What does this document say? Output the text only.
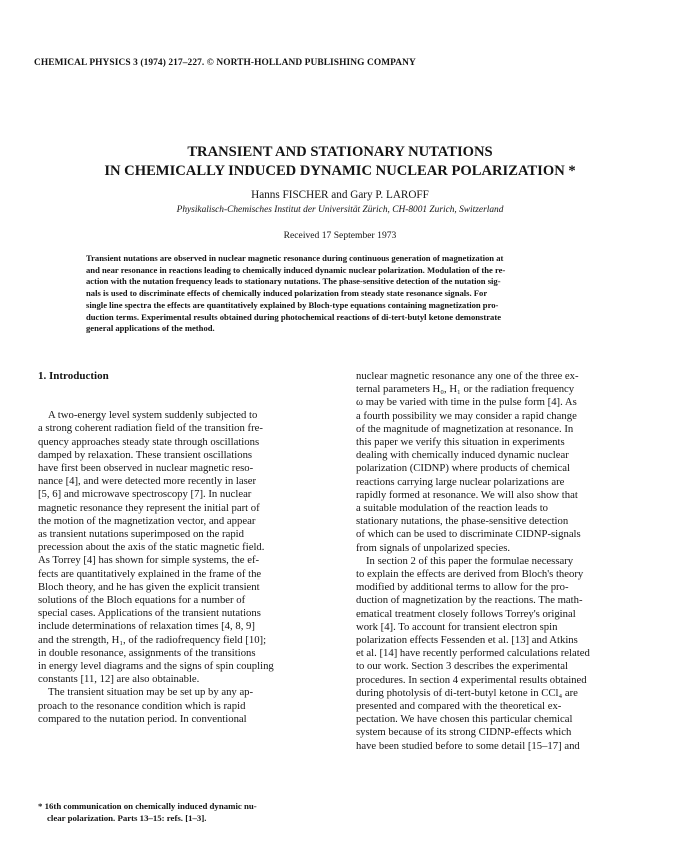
CHEMICAL PHYSICS 3 (1974) 217–227. © NORTH-HOLLAND PUBLISHING COMPANY
TRANSIENT AND STATIONARY NUTATIONS
IN CHEMICALLY INDUCED DYNAMIC NUCLEAR POLARIZATION *
Hanns FISCHER and Gary P. LAROFF
Physikalisch-Chemisches Institut der Universität Zürich, CH-8001 Zurich, Switzerland
Received 17 September 1973
Transient nutations are observed in nuclear magnetic resonance during continuous generation of magnetization at
and near resonance in reactions leading to chemically induced dynamic nuclear polarization. Modulation of the re-
action with the nutation frequency leads to stationary nutations. The phase-sensitive detection of the nutation sig-
nals is used to discriminate effects of chemically induced polarization from steady state resonance signals. For
single line spectra the effects are quantitatively explained by Bloch-type equations containing magnetization pro-
duction terms. Experimental results obtained during photochemical reactions of di-tert-butyl ketone demonstrate
general applications of the method.
1. Introduction
A two-energy level system suddenly subjected to
a strong coherent radiation field of the transition fre-
quency approaches steady state through oscillations
damped by relaxation. These transient oscillations
have first been observed in nuclear magnetic reso-
nance [4], and were detected more recently in laser
[5, 6] and microwave spectroscopy [7]. In nuclear
magnetic resonance they represent the initial part of
the motion of the magnetization vector, and appear
as transient nutations superimposed on the rapid
precession about the axis of the static magnetic field.
As Torrey [4] has shown for simple systems, the ef-
fects are quantitatively explained in the frame of the
Bloch theory, and he has given the explicit transient
solutions of the Bloch equations for a number of
special cases. Applications of the transient nutations
include determinations of relaxation times [4, 8, 9]
and the strength, H₁, of the radiofrequency field [10];
in double resonance, assignments of the transitions
in energy level diagrams and the signs of spin coupling
constants [11, 12] are also obtainable.
The transient situation may be set up by any ap-
proach to the resonance condition which is rapid
compared to the nutation period. In conventional
* 16th communication on chemically induced dynamic nu-
clear polarization. Parts 13–15: refs. [1–3].
nuclear magnetic resonance any one of the three ex-
ternal parameters H₀, H₁ or the radiation frequency
ω may be varied with time in the pulse form [4]. As
a fourth possibility we may consider a rapid change
of the magnitude of magnetization at resonance. In
this paper we verify this situation in experiments
dealing with chemically induced dynamic nuclear
polarization (CIDNP) where products of chemical
reactions carrying large nuclear polarizations are
rapidly formed at resonance. We will also show that
a suitable modulation of the reaction leads to
stationary nutations, the phase-sensitive detection
of which can be used to discriminate CIDNP-signals
from signals of unpolarized species.
In section 2 of this paper the formulae necessary
to explain the effects are derived from Bloch's theory
modified by additional terms to allow for the pro-
duction of magnetization by the reactions. The math-
ematical treatment closely follows Torrey's original
work [4]. To account for transient electron spin
polarization effects Fessenden et al. [13] and Atkins
et al. [14] have recently performed calculations related
to our work. Section 3 describes the experimental
procedures. In section 4 experimental results obtained
during photolysis of di-tert-butyl ketone in CCl₄ are
presented and compared with the theoretical ex-
pectation. We have chosen this particular chemical
system because of its strong CIDNP-effects which
have been studied before to some detail [15–17] and
